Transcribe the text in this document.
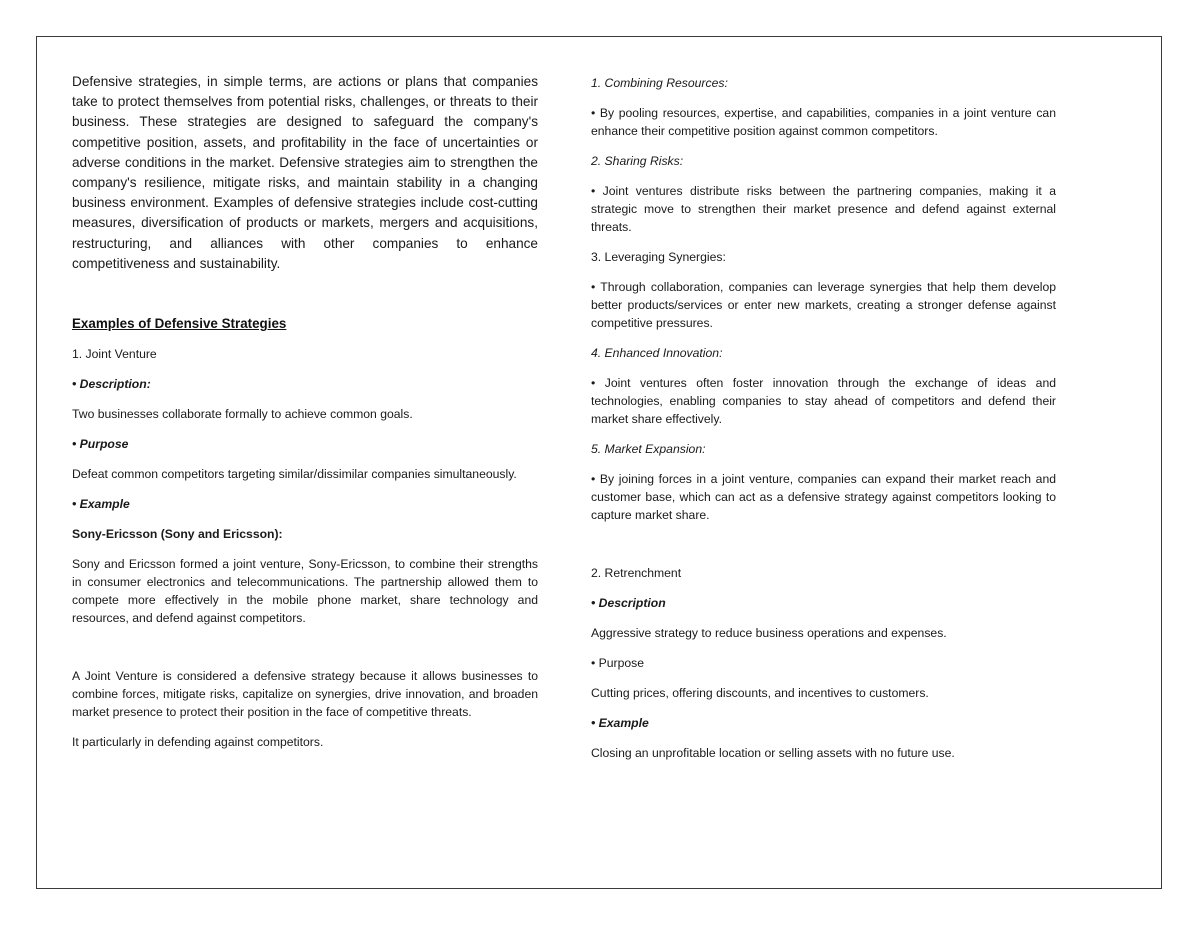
Defensive strategies, in simple terms, are actions or plans that companies take to protect themselves from potential risks, challenges, or threats to their business. These strategies are designed to safeguard the company's competitive position, assets, and profitability in the face of uncertainties or adverse conditions in the market. Defensive strategies aim to strengthen the company's resilience, mitigate risks, and maintain stability in a changing business environment. Examples of defensive strategies include cost-cutting measures, diversification of products or markets, mergers and acquisitions, restructuring, and alliances with other companies to enhance competitiveness and sustainability.

Examples of Defensive Strategies

1. Joint Venture

• Description:

Two businesses collaborate formally to achieve common goals.

• Purpose

Defeat common competitors targeting similar/dissimilar companies simultaneously.

• Example

Sony-Ericsson (Sony and Ericsson):

Sony and Ericsson formed a joint venture, Sony-Ericsson, to combine their strengths in consumer electronics and telecommunications. The partnership allowed them to compete more effectively in the mobile phone market, share technology and resources, and defend against competitors.

A Joint Venture is considered a defensive strategy because it allows businesses to combine forces, mitigate risks, capitalize on synergies, drive innovation, and broaden market presence to protect their position in the face of competitive threats.

It particularly in defending against competitors.

1. Combining Resources:

• By pooling resources, expertise, and capabilities, companies in a joint venture can enhance their competitive position against common competitors.

2. Sharing Risks:

• Joint ventures distribute risks between the partnering companies, making it a strategic move to strengthen their market presence and defend against external threats.

3. Leveraging Synergies:

• Through collaboration, companies can leverage synergies that help them develop better products/services or enter new markets, creating a stronger defense against competitive pressures.

4. Enhanced Innovation:

• Joint ventures often foster innovation through the exchange of ideas and technologies, enabling companies to stay ahead of competitors and defend their market share effectively.

5. Market Expansion:

• By joining forces in a joint venture, companies can expand their market reach and customer base, which can act as a defensive strategy against competitors looking to capture market share.

2. Retrenchment

• Description

Aggressive strategy to reduce business operations and expenses.

• Purpose

Cutting prices, offering discounts, and incentives to customers.

• Example

Closing an unprofitable location or selling assets with no future use.
